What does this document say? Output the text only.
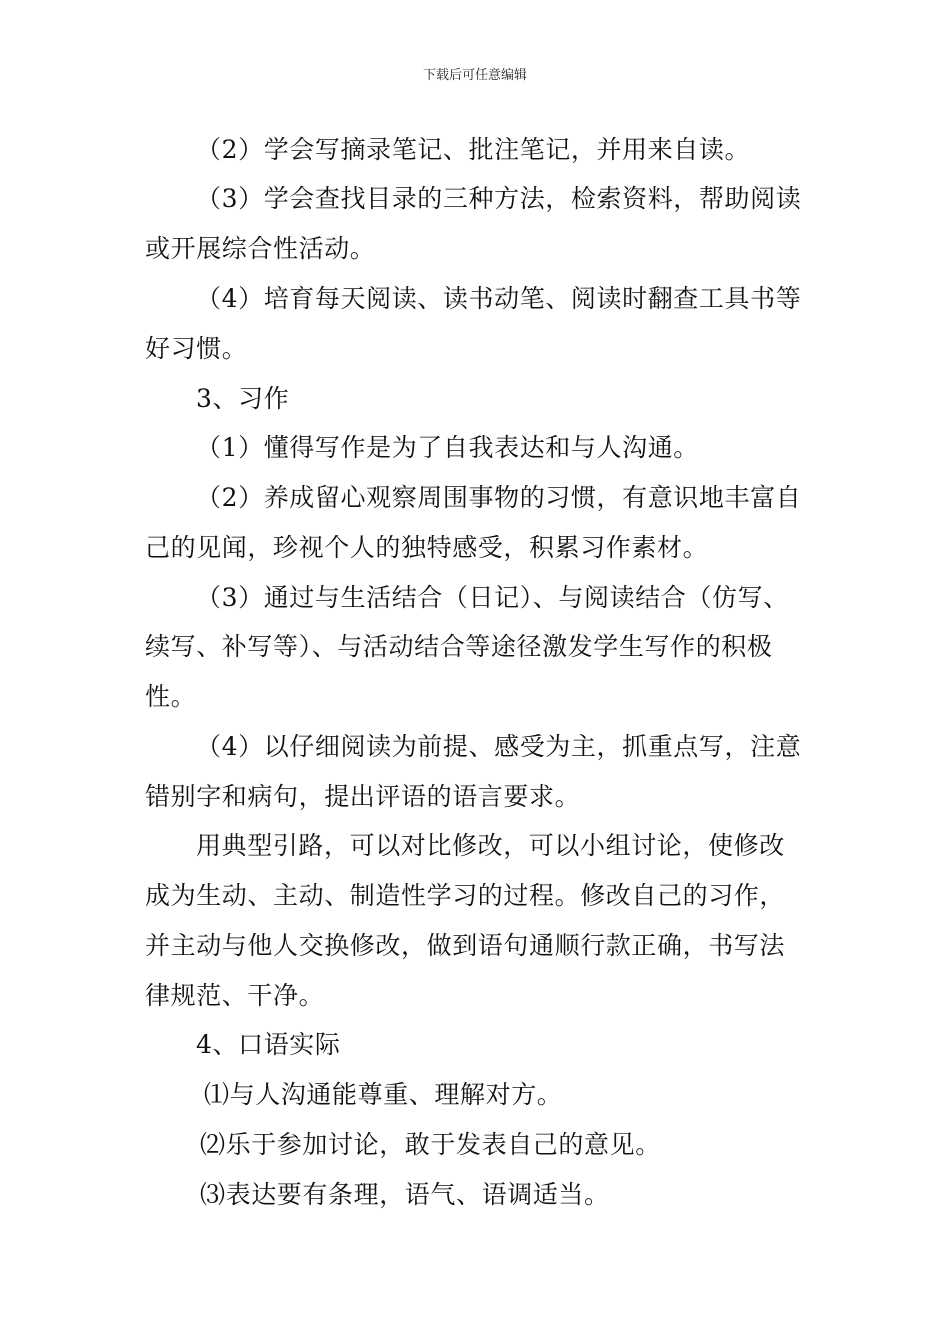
下载后可任意编辑
（2）学会写摘录笔记、批注笔记，并用来自读。
（3）学会查找目录的三种方法，检索资料，帮助阅读
或开展综合性活动。
（4）培育每天阅读、读书动笔、阅读时翻查工具书等
好习惯。
3、习作
（1）懂得写作是为了自我表达和与人沟通。
（2）养成留心观察周围事物的习惯，有意识地丰富自
己的见闻，珍视个人的独特感受，积累习作素材。
（3）通过与生活结合（日记）、与阅读结合（仿写、
续写、补写等）、与活动结合等途径激发学生写作的积极
性。
（4）以仔细阅读为前提、感受为主，抓重点写，注意
错别字和病句，提出评语的语言要求。
用典型引路，可以对比修改，可以小组讨论，使修改
成为生动、主动、制造性学习的过程。修改自己的习作，
并主动与他人交换修改，做到语句通顺行款正确，书写法
律规范、干净。
4、口语实际
⑴与人沟通能尊重、理解对方。
⑵乐于参加讨论，敢于发表自己的意见。
⑶表达要有条理，语气、语调适当。
